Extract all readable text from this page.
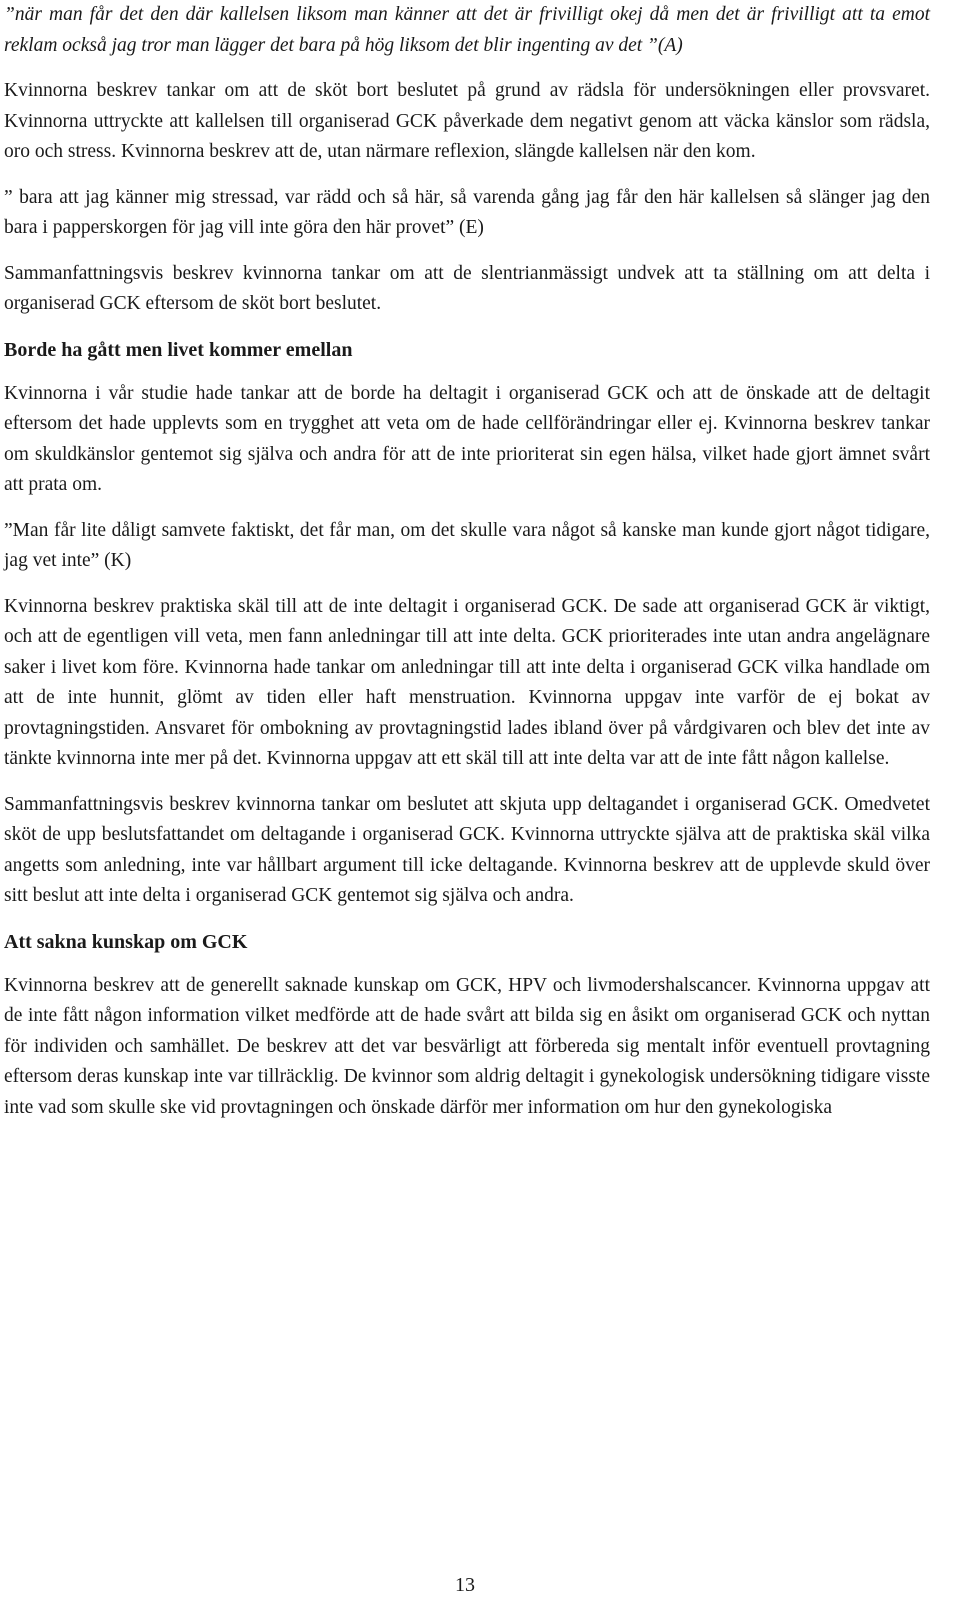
”när man får det den där kallelsen liksom man känner att det är frivilligt okej då men det är frivilligt att ta emot reklam också jag tror man lägger det bara på hög liksom det blir ingenting av det ”(A)

Kvinnorna beskrev tankar om att de sköt bort beslutet på grund av rädsla för undersökningen eller provsvaret. Kvinnorna uttryckte att kallelsen till organiserad GCK påverkade dem negativt genom att väcka känslor som rädsla, oro och stress. Kvinnorna beskrev att de, utan närmare reflexion, slängde kallelsen när den kom.

” bara att jag känner mig stressad, var rädd och så här, så varenda gång jag får den här kallelsen så slänger jag den bara i papperskorgen för jag vill inte göra den här provet” (E)

Sammanfattningsvis beskrev kvinnorna tankar om att de slentrianmässigt undvek att ta ställning om att delta i organiserad GCK eftersom de sköt bort beslutet.

Borde ha gått men livet kommer emellan

Kvinnorna i vår studie hade tankar att de borde ha deltagit i organiserad GCK och att de önskade att de deltagit eftersom det hade upplevts som en trygghet att veta om de hade cellförändringar eller ej. Kvinnorna beskrev tankar om skuldkänslor gentemot sig själva och andra för att de inte prioriterat sin egen hälsa, vilket hade gjort ämnet svårt att prata om.

”Man får lite dåligt samvete faktiskt, det får man, om det skulle vara något så kanske man kunde gjort något tidigare, jag vet inte” (K)

Kvinnorna beskrev praktiska skäl till att de inte deltagit i organiserad GCK. De sade att organiserad GCK är viktigt, och att de egentligen vill veta, men fann anledningar till att inte delta. GCK prioriterades inte utan andra angelägnare saker i livet kom före. Kvinnorna hade tankar om anledningar till att inte delta i organiserad GCK vilka handlade om att de inte hunnit, glömt av tiden eller haft menstruation. Kvinnorna uppgav inte varför de ej bokat av provtagningstiden. Ansvaret för ombokning av provtagningstid lades ibland över på vårdgivaren och blev det inte av tänkte kvinnorna inte mer på det. Kvinnorna uppgav att ett skäl till att inte delta var att de inte fått någon kallelse.

Sammanfattningsvis beskrev kvinnorna tankar om beslutet att skjuta upp deltagandet i organiserad GCK. Omedvetet sköt de upp beslutsfattandet om deltagande i organiserad GCK. Kvinnorna uttryckte själva att de praktiska skäl vilka angetts som anledning, inte var hållbart argument till icke deltagande. Kvinnorna beskrev att de upplevde skuld över sitt beslut att inte delta i organiserad GCK gentemot sig själva och andra.

Att sakna kunskap om GCK

Kvinnorna beskrev att de generellt saknade kunskap om GCK, HPV och livmodershalscancer. Kvinnorna uppgav att de inte fått någon information vilket medförde att de hade svårt att bilda sig en åsikt om organiserad GCK och nyttan för individen och samhället. De beskrev att det var besvärligt att förbereda sig mentalt inför eventuell provtagning eftersom deras kunskap inte var tillräcklig. De kvinnor som aldrig deltagit i gynekologisk undersökning tidigare visste inte vad som skulle ske vid provtagningen och önskade därför mer information om hur den gynekologiska

13
